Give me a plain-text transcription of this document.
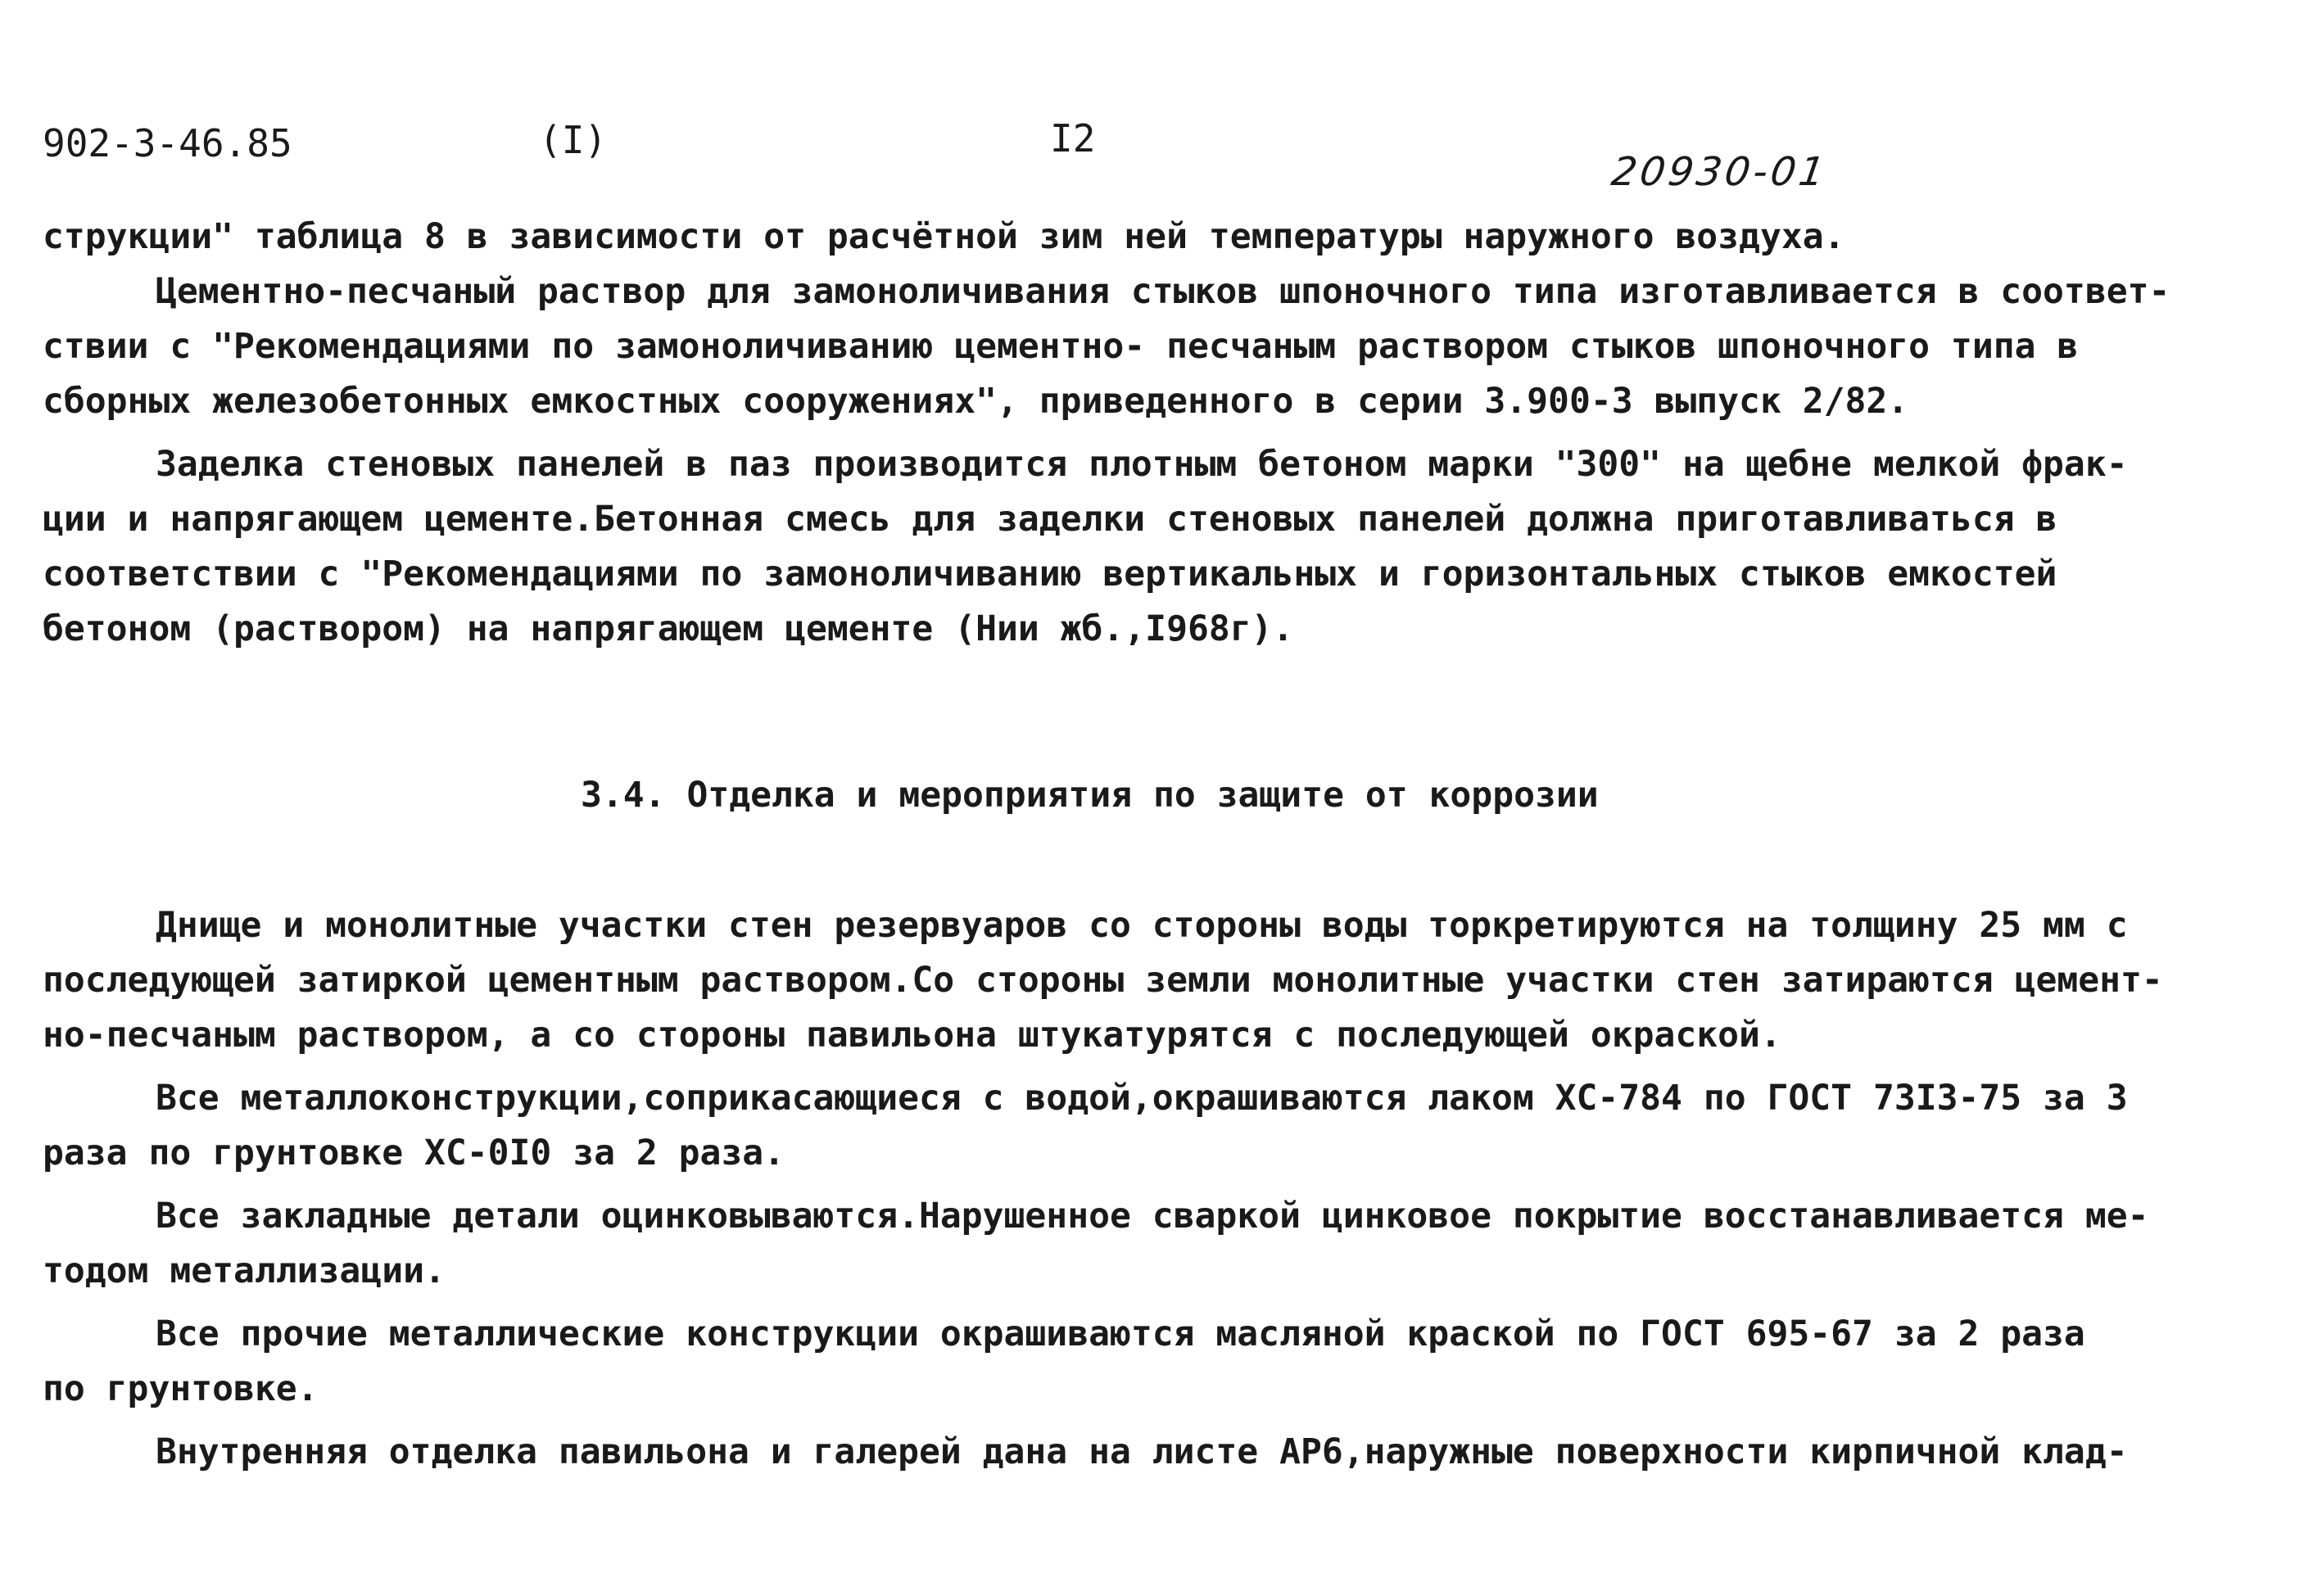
902-3-46.85	(I)	I2
20930-01
струкции" таблица 8 в зависимости от расчётной зим ней температуры наружного воздуха.
Цементно-песчаный раствор для замоноличивания стыков шпоночного типа изготавливается в соответ-
ствии с "Рекомендациями по замоноличиванию цементно- песчаным раствором стыков шпоночного типа в
сборных железобетонных емкостных сооружениях", приведенного в серии 3.900-3 выпуск 2/82.
Заделка стеновых панелей в паз производится плотным бетоном марки "300" на щебне мелкой фрак-
ции и напрягающем цементе.Бетонная смесь для заделки стеновых панелей должна приготавливаться в
соответствии с "Рекомендациями по замоноличиванию вертикальных и горизонтальных стыков емкостей
бетоном (раствором) на напрягающем цементе (Нии жб.,I968г).
3.4. Отделка и мероприятия по защите от коррозии
Днище и монолитные участки стен резервуаров со стороны воды торкретируются на толщину 25 мм с
последующей затиркой цементным раствором.Со стороны земли монолитные участки стен затираются цемент-
но-песчаным раствором, а со стороны павильона штукатурятся с последующей окраской.
Все металлоконструкции,соприкасающиеся с водой,окрашиваются лаком ХС-784 по ГОСТ 73I3-75 за 3
раза по грунтовке ХС-0I0 за 2 раза.
Все закладные детали оцинковываются.Нарушенное сваркой цинковое покрытие восстанавливается ме-
тодом металлизации.
Все прочие металлические конструкции окрашиваются масляной краской по ГОСТ 695-67 за 2 раза
по грунтовке.
Внутренняя отделка павильона и галерей дана на листе АР6,наружные поверхности кирпичной клад-
